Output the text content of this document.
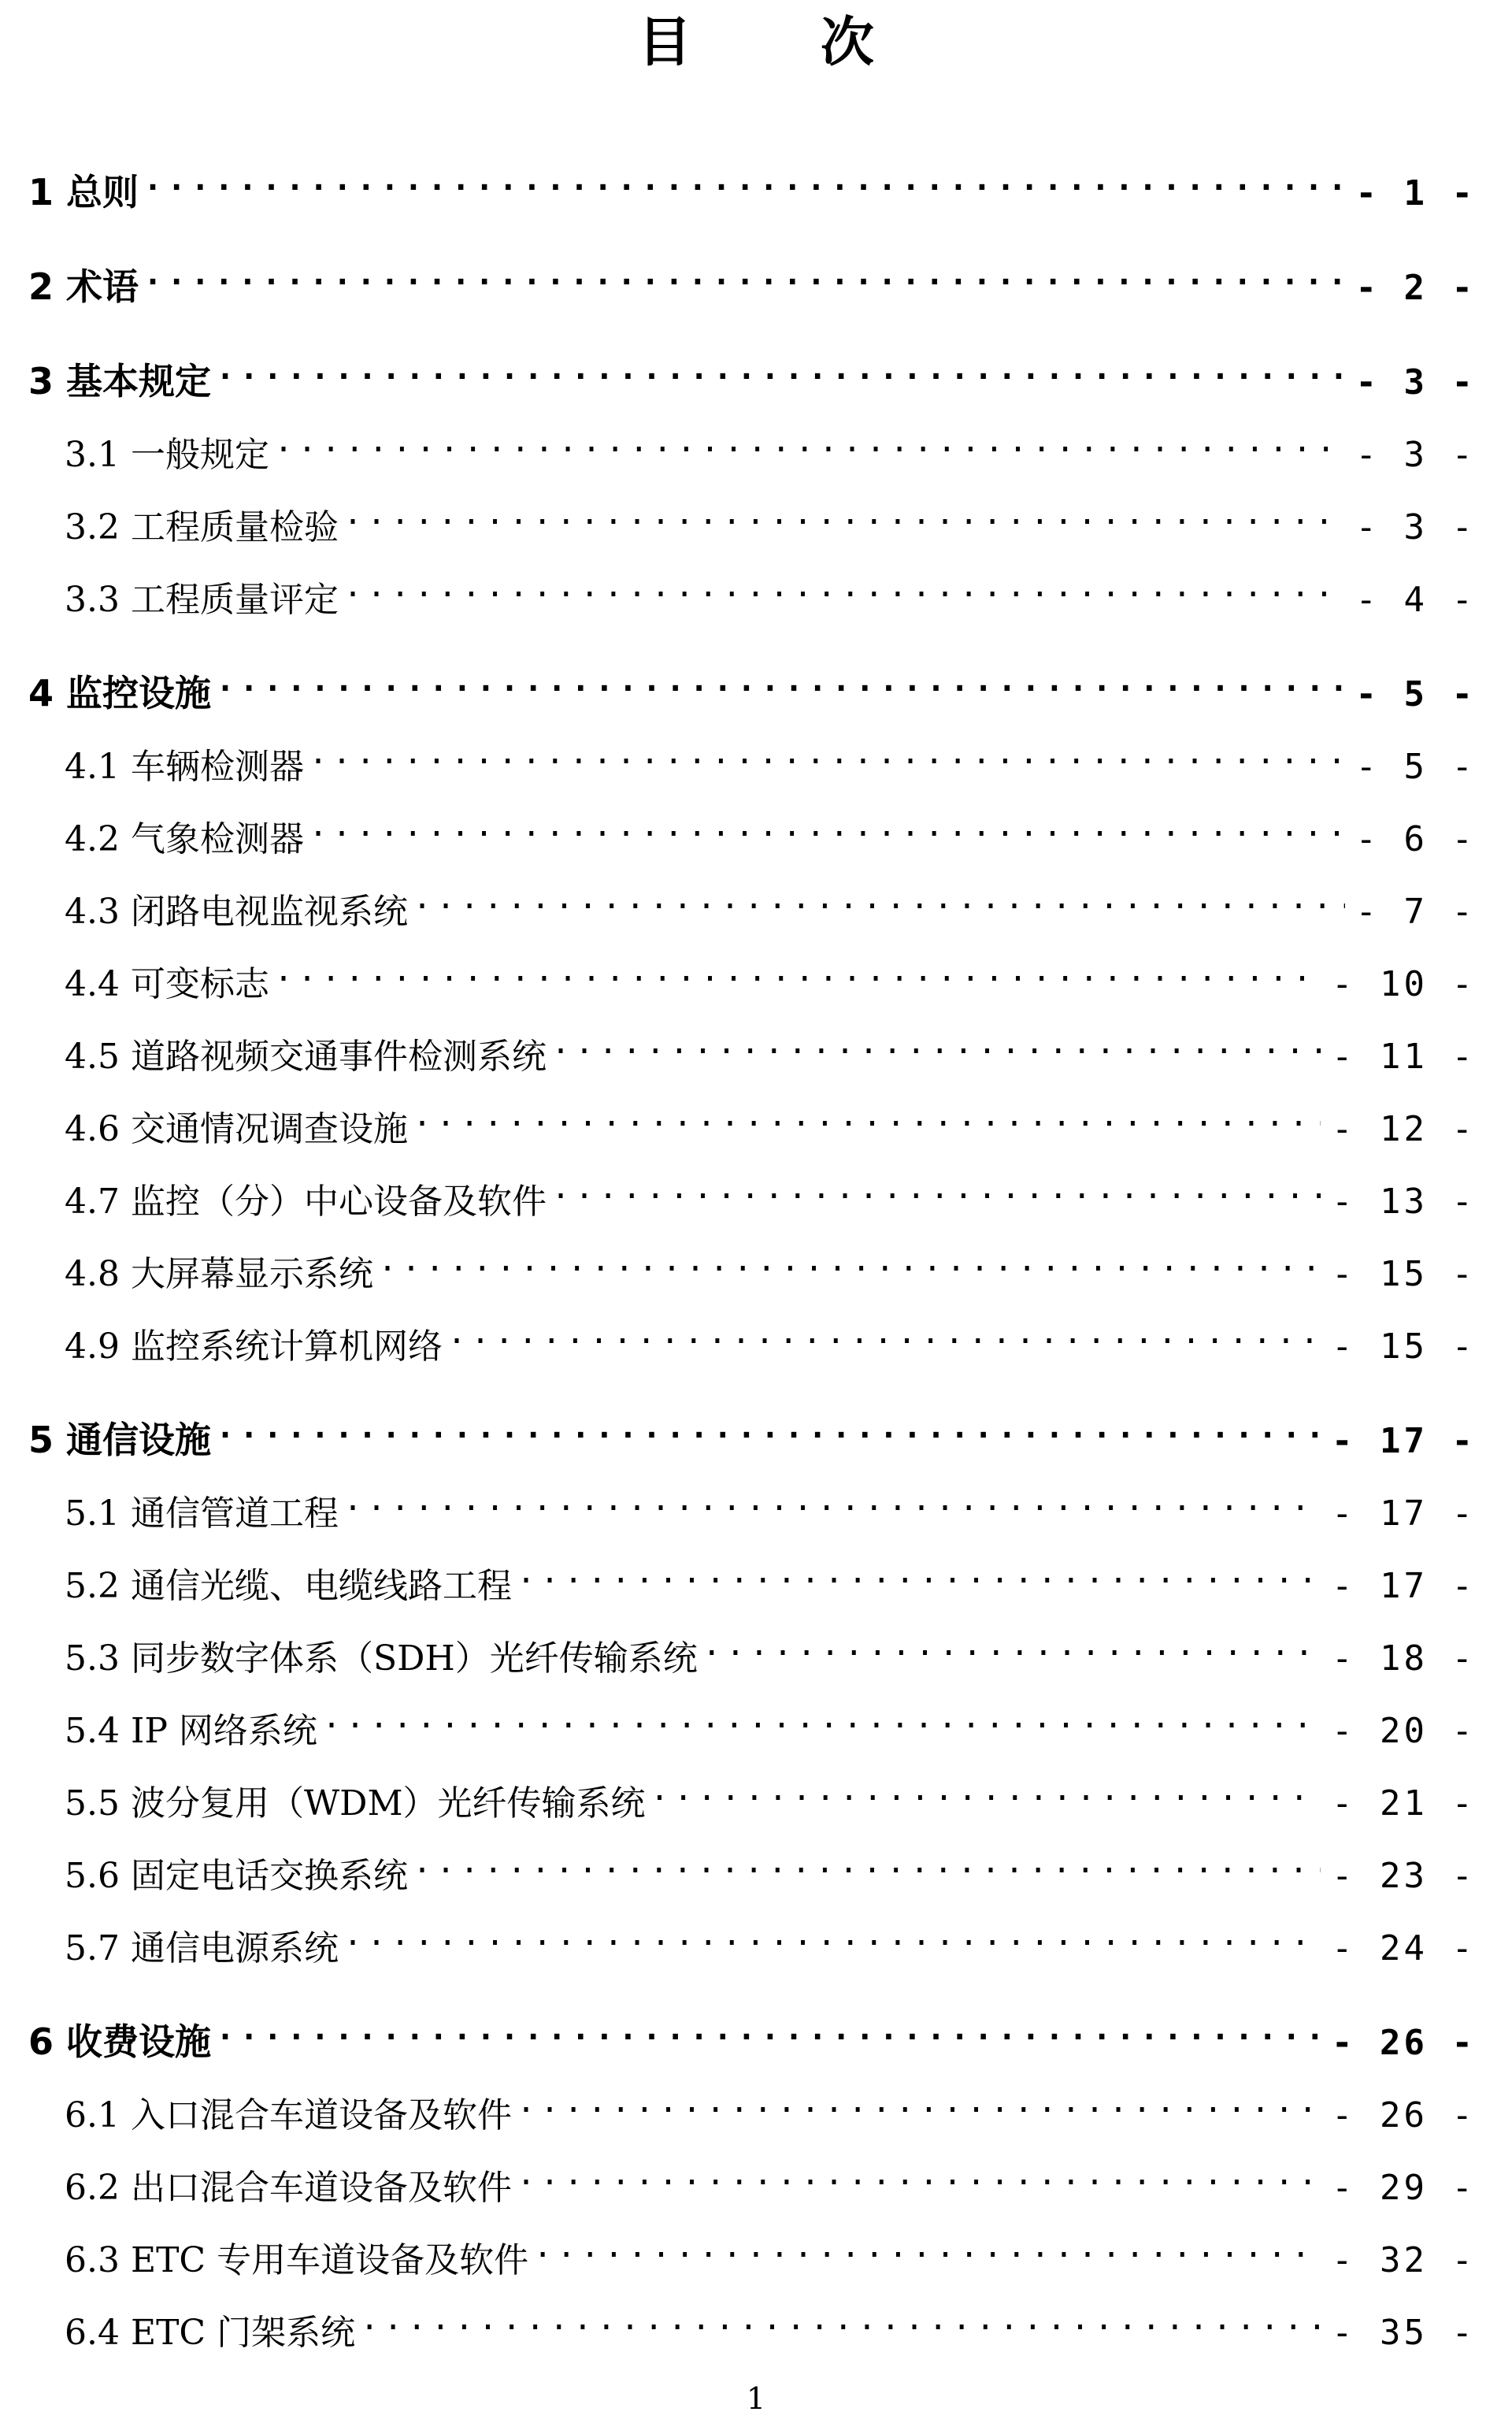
目 次
1 总则 .....	- 1 -
2 术语 .....	- 2 -
3 基本规定 .....	- 3 -
3.1 一般规定 .....	- 3 -
3.2 工程质量检验 .....	- 3 -
3.3 工程质量评定 .....	- 4 -
4 监控设施 .....	- 5 -
4.1 车辆检测器 .....	- 5 -
4.2 气象检测器 .....	- 6 -
4.3 闭路电视监视系统 .....	- 7 -
4.4 可变标志 .....	- 10 -
4.5 道路视频交通事件检测系统 .....	- 11 -
4.6 交通情况调查设施 .....	- 12 -
4.7 监控（分）中心设备及软件 .....	- 13 -
4.8 大屏幕显示系统 .....	- 15 -
4.9 监控系统计算机网络 .....	- 15 -
5 通信设施 .....	- 17 -
5.1 通信管道工程 .....	- 17 -
5.2 通信光缆、电缆线路工程 .....	- 17 -
5.3 同步数字体系（SDH）光纤传输系统 .....	- 18 -
5.4 IP 网络系统 .....	- 20 -
5.5 波分复用（WDM）光纤传输系统 .....	- 21 -
5.6 固定电话交换系统 .....	- 23 -
5.7 通信电源系统 .....	- 24 -
6 收费设施 .....	- 26 -
6.1 入口混合车道设备及软件 .....	- 26 -
6.2 出口混合车道设备及软件 .....	- 29 -
6.3 ETC 专用车道设备及软件 .....	- 32 -
6.4 ETC 门架系统 .....	- 35 -
1
